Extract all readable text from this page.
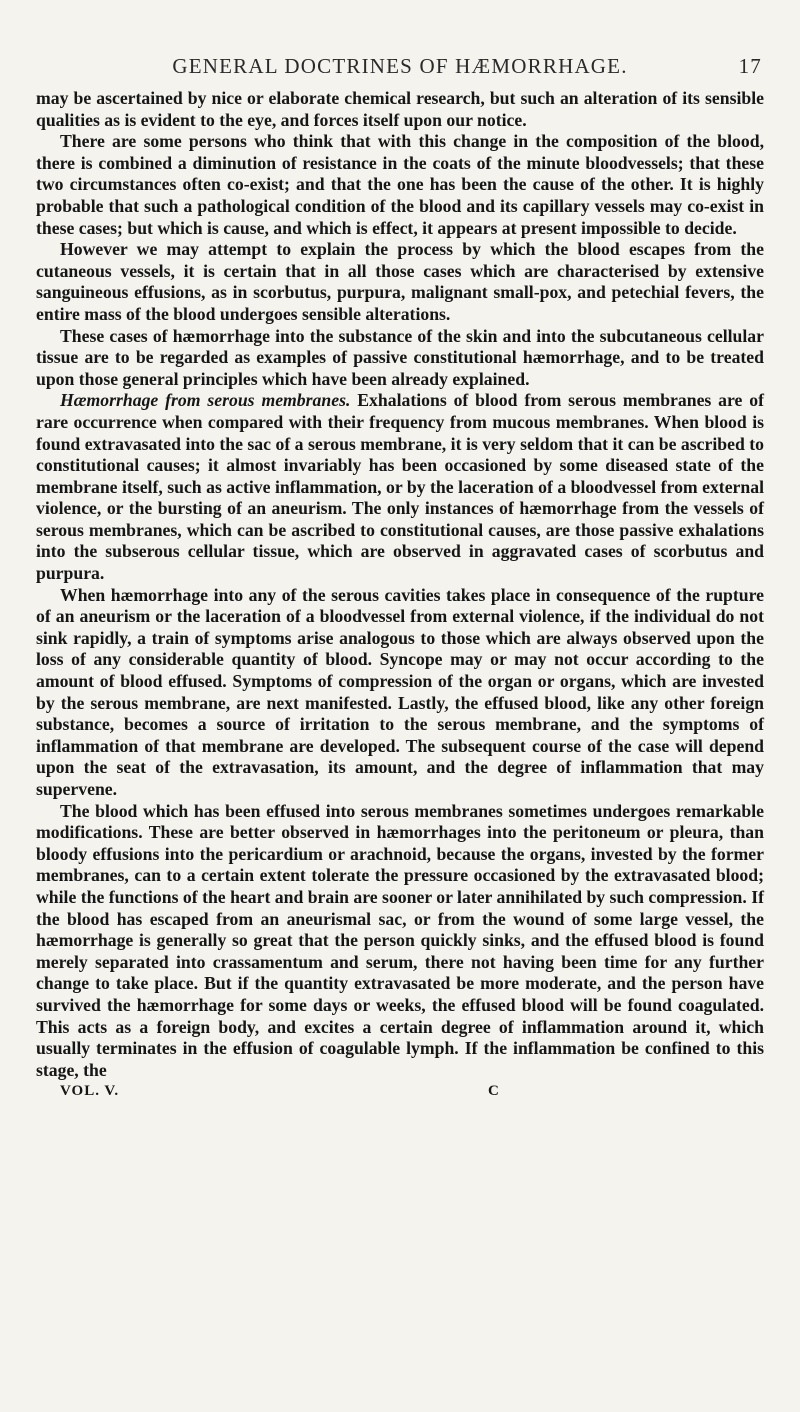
GENERAL DOCTRINES OF HÆMORRHAGE.	17

may be ascertained by nice or elaborate chemical research, but such an alteration of its sensible qualities as is evident to the eye, and forces itself upon our notice.

There are some persons who think that with this change in the composition of the blood, there is combined a diminution of resistance in the coats of the minute bloodvessels; that these two circumstances often co-exist; and that the one has been the cause of the other. It is highly probable that such a pathological condition of the blood and its capillary vessels may co-exist in these cases; but which is cause, and which is effect, it appears at present impossible to decide.

However we may attempt to explain the process by which the blood escapes from the cutaneous vessels, it is certain that in all those cases which are characterised by extensive sanguineous effusions, as in scorbutus, purpura, malignant small-pox, and petechial fevers, the entire mass of the blood undergoes sensible alterations.

These cases of hæmorrhage into the substance of the skin and into the subcutaneous cellular tissue are to be regarded as examples of passive constitutional hæmorrhage, and to be treated upon those general principles which have been already explained.

Hæmorrhage from serous membranes. Exhalations of blood from serous membranes are of rare occurrence when compared with their frequency from mucous membranes. When blood is found extravasated into the sac of a serous membrane, it is very seldom that it can be ascribed to constitutional causes; it almost invariably has been occasioned by some diseased state of the membrane itself, such as active inflammation, or by the laceration of a bloodvessel from external violence, or the bursting of an aneurism. The only instances of hæmorrhage from the vessels of serous membranes, which can be ascribed to constitutional causes, are those passive exhalations into the subserous cellular tissue, which are observed in aggravated cases of scorbutus and purpura.

When hæmorrhage into any of the serous cavities takes place in consequence of the rupture of an aneurism or the laceration of a bloodvessel from external violence, if the individual do not sink rapidly, a train of symptoms arise analogous to those which are always observed upon the loss of any considerable quantity of blood. Syncope may or may not occur according to the amount of blood effused. Symptoms of compression of the organ or organs, which are invested by the serous membrane, are next manifested. Lastly, the effused blood, like any other foreign substance, becomes a source of irritation to the serous membrane, and the symptoms of inflammation of that membrane are developed. The subsequent course of the case will depend upon the seat of the extravasation, its amount, and the degree of inflammation that may supervene.

The blood which has been effused into serous membranes sometimes undergoes remarkable modifications. These are better observed in hæmorrhages into the peritoneum or pleura, than bloody effusions into the pericardium or arachnoid, because the organs, invested by the former membranes, can to a certain extent tolerate the pressure occasioned by the extravasated blood; while the functions of the heart and brain are sooner or later annihilated by such compression. If the blood has escaped from an aneurismal sac, or from the wound of some large vessel, the hæmorrhage is generally so great that the person quickly sinks, and the effused blood is found merely separated into crassamentum and serum, there not having been time for any further change to take place. But if the quantity extravasated be more moderate, and the person have survived the hæmorrhage for some days or weeks, the effused blood will be found coagulated. This acts as a foreign body, and excites a certain degree of inflammation around it, which usually terminates in the effusion of coagulable lymph. If the inflammation be confined to this stage, the

VOL. V.	C
